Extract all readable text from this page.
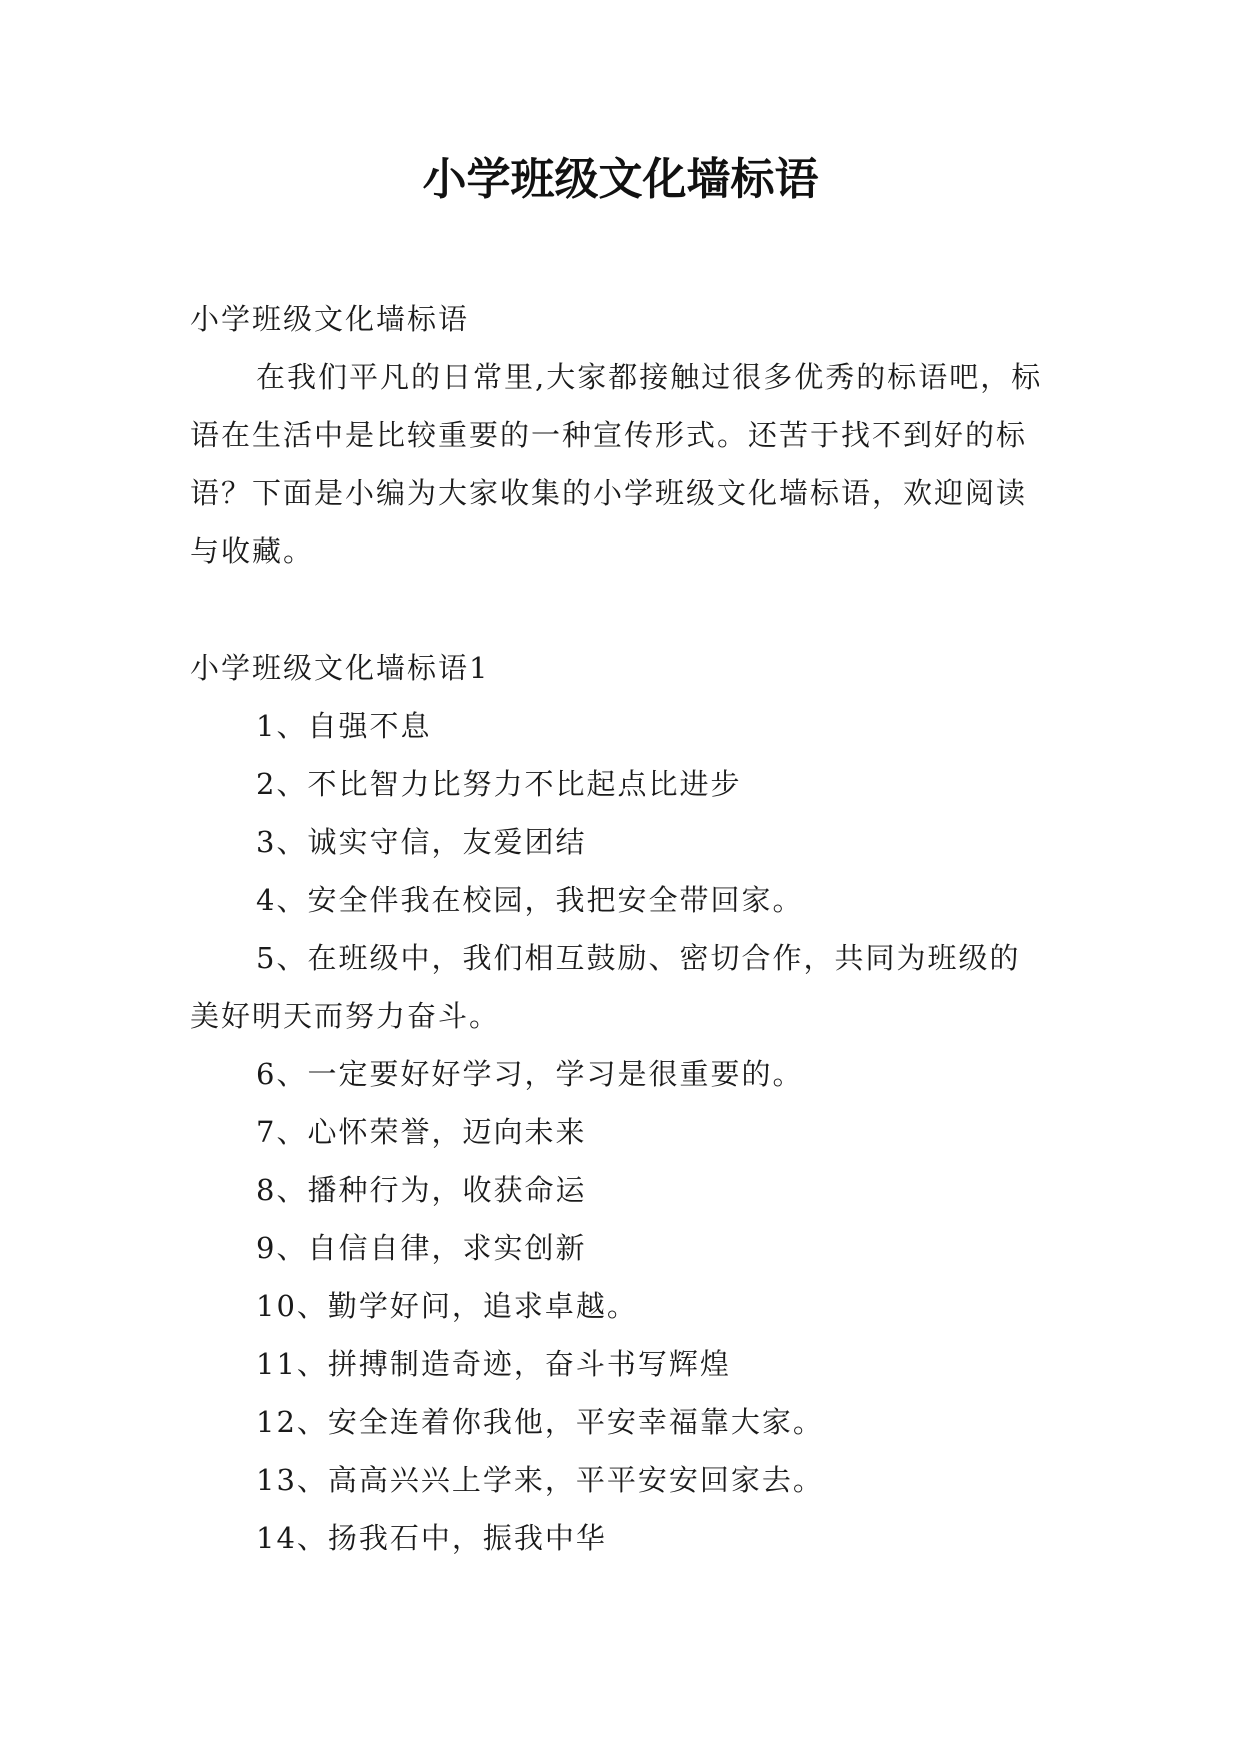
小学班级文化墙标语

小学班级文化墙标语

在我们平凡的日常里,大家都接触过很多优秀的标语吧，标语在生活中是比较重要的一种宣传形式。还苦于找不到好的标语？下面是小编为大家收集的小学班级文化墙标语，欢迎阅读与收藏。

小学班级文化墙标语1

1、自强不息

2、不比智力比努力不比起点比进步

3、诚实守信，友爱团结

4、安全伴我在校园，我把安全带回家。

5、在班级中，我们相互鼓励、密切合作，共同为班级的美好明天而努力奋斗。

6、一定要好好学习，学习是很重要的。

7、心怀荣誉，迈向未来

8、播种行为，收获命运

9、自信自律，求实创新

10、勤学好问，追求卓越。

11、拼搏制造奇迹，奋斗书写辉煌

12、安全连着你我他，平安幸福靠大家。

13、高高兴兴上学来，平平安安回家去。

14、扬我石中，振我中华
